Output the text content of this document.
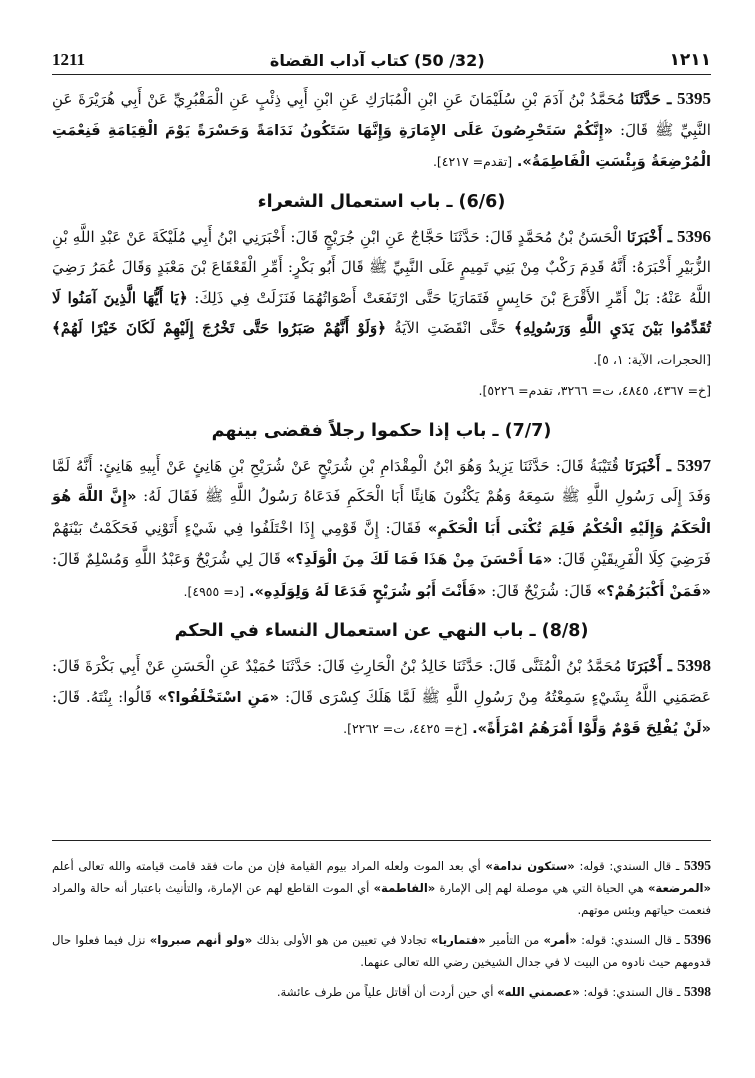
١٢١١
(32/ 50) كتاب آداب القضاة
1211

5395 ـ حَدَّثَنَا مُحَمَّدُ بْنُ آدَمَ بْنِ سُلَيْمَانَ عَنِ ابْنِ الْمُبَارَكِ عَنِ ابْنِ أَبِي ذِئْبٍ عَنِ الْمَقْبُرِيِّ عَنْ أَبِي هُرَيْرَةَ عَنِ النَّبِيِّ ﷺ قَالَ: «إِنَّكُمْ سَتَحْرِصُونَ عَلَى الإِمَارَةِ وَإِنَّهَا سَتَكُونُ نَدَامَةً وَحَسْرَةً يَوْمَ الْقِيَامَةِ فَنِعْمَتِ الْمُرْضِعَةُ وَبِئْسَتِ الْفَاطِمَةُ». [تقدم= ٤٢١٧].

(6/6) ـ باب استعمال الشعراء

5396 ـ أَخْبَرَنَا الْحَسَنُ بْنُ مُحَمَّدٍ قَالَ: حَدَّثَنَا حَجَّاجٌ عَنِ ابْنِ جُرَيْجٍ قَالَ: أَخْبَرَنِي ابْنُ أَبِي مُلَيْكَةَ عَنْ عَبْدِ اللَّهِ بْنِ الزُّبَيْرِ أَخْبَرَهُ: أَنَّهُ قَدِمَ رَكْبٌ مِنْ بَنِي تَمِيمٍ عَلَى النَّبِيِّ ﷺ قَالَ أَبُو بَكْرٍ: أَمِّرِ الْقَعْقَاعَ بْنَ مَعْبَدٍ وَقَالَ عُمَرُ رَضِيَ اللَّهُ عَنْهُ: بَلْ أَمِّرِ الأَقْرَعَ بْنَ حَابِسٍ فَتَمَارَيَا حَتَّى ارْتَفَعَتْ أَصْوَاتُهُمَا فَنَزَلَتْ فِي ذَلِكَ: ﴿يَا أَيُّهَا الَّذِينَ آمَنُوا لَا تُقَدِّمُوا بَيْنَ يَدَيِ اللَّهِ وَرَسُولِهِ﴾ حَتَّى انْقَضَتِ الآيَةُ ﴿وَلَوْ أَنَّهُمْ صَبَرُوا حَتَّى تَخْرُجَ إِلَيْهِمْ لَكَانَ خَيْرًا لَهُمْ﴾ [الحجرات، الآية: ١، ٥].
[خ= ٤٣٦٧، ٤٨٤٥، ت= ٣٢٦٦، تقدم= ٥٢٢٦].

(7/7) ـ باب إذا حكموا رجلاً فقضى بينهم

5397 ـ أَخْبَرَنَا قُتَيْبَةُ قَالَ: حَدَّثَنَا يَزِيدُ وَهُوَ ابْنُ الْمِقْدَامِ بْنِ شُرَيْحٍ عَنْ شُرَيْحِ بْنِ هَانِئٍ عَنْ أَبِيهِ هَانِئٍ: أَنَّهُ لَمَّا وَفَدَ إِلَى رَسُولِ اللَّهِ ﷺ سَمِعَهُ وَهُمْ يَكْنُونَ هَانِئًا أَبَا الْحَكَمِ فَدَعَاهُ رَسُولُ اللَّهِ ﷺ فَقَالَ لَهُ: «إِنَّ اللَّهَ هُوَ الْحَكَمُ وَإِلَيْهِ الْحُكْمُ فَلِمَ تُكْنَى أَبَا الْحَكَمِ» فَقَالَ: إِنَّ قَوْمِي إِذَا اخْتَلَفُوا فِي شَيْءٍ أَتَوْنِي فَحَكَمْتُ بَيْنَهُمْ فَرَضِيَ كِلَا الْفَرِيقَيْنِ قَالَ: «مَا أَحْسَنَ مِنْ هَذَا فَمَا لَكَ مِنَ الْوَلَدِ؟» قَالَ لِي شُرَيْحٌ وَعَبْدُ اللَّهِ وَمُسْلِمٌ قَالَ: «فَمَنْ أَكْبَرُهُمْ؟» قَالَ: شُرَيْحٌ قَالَ: «فَأَنْتَ أَبُو شُرَيْحٍ فَدَعَا لَهُ وَلِوَلَدِهِ». [د= ٤٩٥٥].

(8/8) ـ باب النهي عن استعمال النساء في الحكم

5398 ـ أَخْبَرَنَا مُحَمَّدُ بْنُ الْمُثَنَّى قَالَ: حَدَّثَنَا خَالِدُ بْنُ الْحَارِثِ قَالَ: حَدَّثَنَا حُمَيْدٌ عَنِ الْحَسَنِ عَنْ أَبِي بَكْرَةَ قَالَ: عَصَمَنِي اللَّهُ بِشَيْءٍ سَمِعْتُهُ مِنْ رَسُولِ اللَّهِ ﷺ لَمَّا هَلَكَ كِسْرَى قَالَ: «مَنِ اسْتَخْلَفُوا؟» قَالُوا: بِنْتَهُ. قَالَ: «لَنْ يُفْلِحَ قَوْمٌ وَلَّوْا أَمْرَهُمُ امْرَأَةً». [خ= ٤٤٢٥، ت= ٢٢٦٢].

5395 ـ قال السندي: قوله: «ستكون ندامة» أي بعد الموت ولعله المراد بيوم القيامة فإن من مات فقد قامت قيامته والله تعالى أعلم «المرضعة» هي الحياة التي هي موصلة لهم إلى الإمارة «الفاطمة» أي الموت القاطع لهم عن الإمارة، والتأنيث باعتبار أنه حالة والمراد فنعمت حياتهم وبئس موتهم.

5396 ـ قال السندي: قوله: «أمر» من التأمير «فتماريا» تجادلا في تعيين من هو الأولى بذلك «ولو أنهم صبروا» نزل فيما فعلوا حال قدومهم حيث نادوه من البيت لا في جدال الشيخين رضي الله تعالى عنهما.

5398 ـ قال السندي: قوله: «عصمني الله» أي حين أردت أن أقاتل علياً من طرف عائشة.
